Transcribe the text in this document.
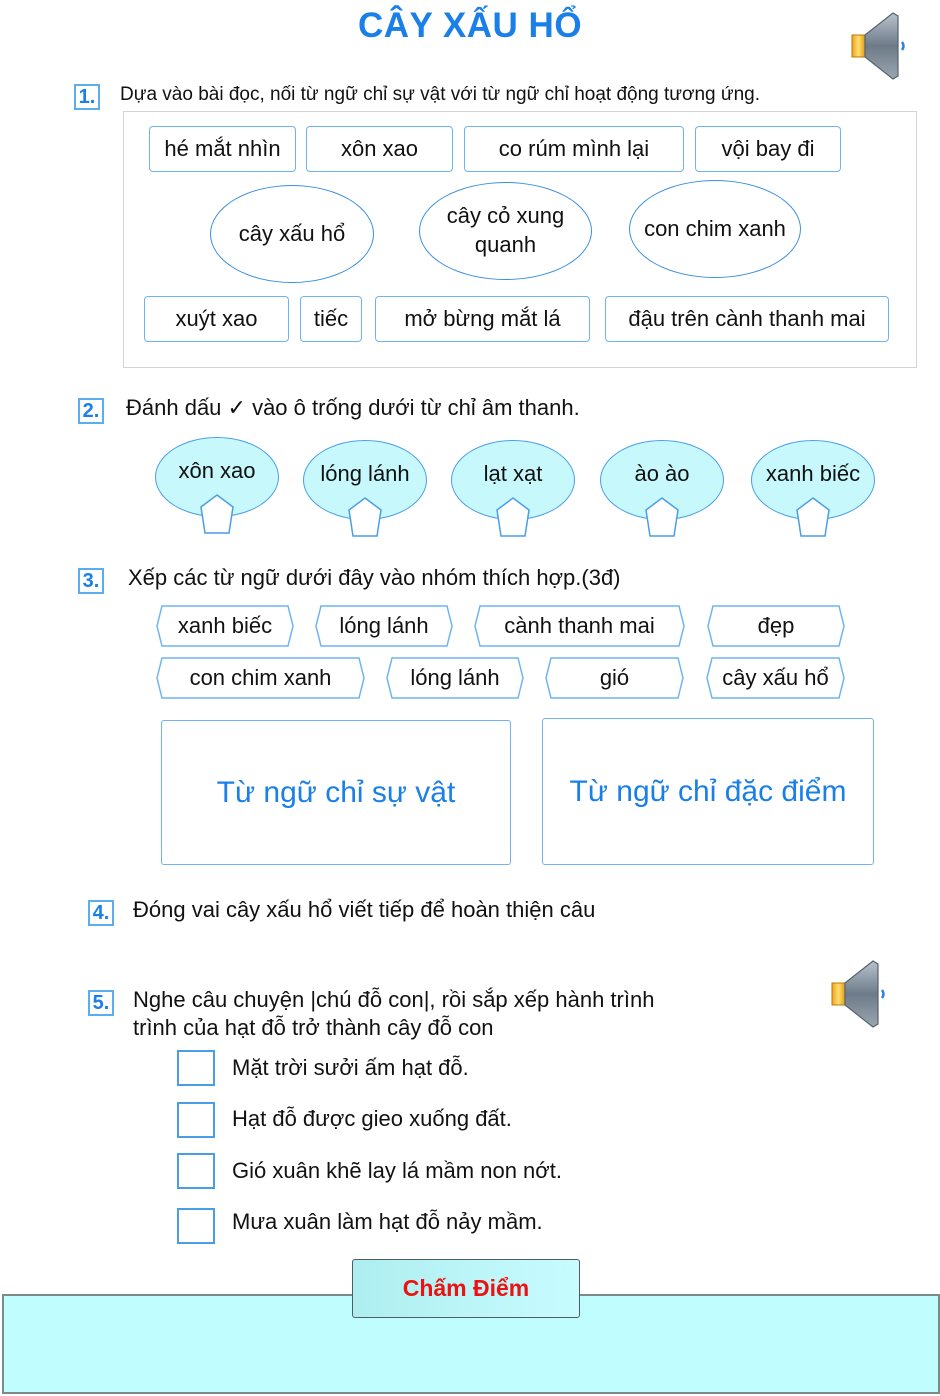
CÂY XẤU HỔ
1. Dựa vào bài đọc, nối từ ngữ chỉ sự vật với từ ngữ chỉ hoạt động tương ứng.
hé mắt nhìn	xôn xao	co rúm mình lại	vội bay đi
cây xấu hổ
cây cỏ xung quanh
con chim xanh
xuýt xao	tiếc	mở bừng mắt lá	đậu trên cành thanh mai
2. Đánh dấu ✓ vào ô trống dưới từ chỉ âm thanh.
xôn xao	lóng lánh	lạt xạt	ào ào	xanh biếc
3. Xếp các từ ngữ dưới đây vào nhóm thích hợp.(3đ)
xanh biếc	lóng lánh	cành thanh mai	đẹp
con chim xanh	lóng lánh	gió	cây xấu hổ
Từ ngữ chỉ sự vật	Từ ngữ chỉ đặc điểm
4. Đóng vai cây xấu hổ viết tiếp để hoàn thiện câu
5. Nghe câu chuyện |chú đỗ con|, rồi sắp xếp hành trình
trình của hạt đỗ trở thành cây đỗ con
Mặt trời sưởi ấm hạt đỗ.
Hạt đỗ được gieo xuống đất.
Gió xuân khẽ lay lá mầm non nớt.
Mưa xuân làm hạt đỗ nảy mầm.
Chấm Điểm
